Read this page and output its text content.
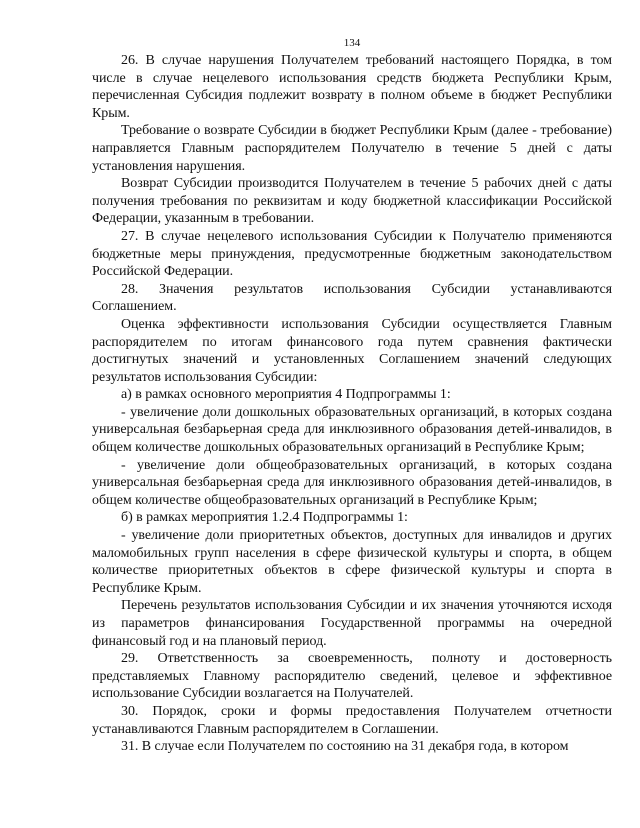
134

26. В случае нарушения Получателем требований настоящего Порядка, в том числе в случае нецелевого использования средств бюджета Республики Крым, перечисленная Субсидия подлежит возврату в полном объеме в бюджет Республики Крым.

Требование о возврате Субсидии в бюджет Республики Крым (далее - требование) направляется Главным распорядителем Получателю в течение 5 дней с даты установления нарушения.

Возврат Субсидии производится Получателем в течение 5 рабочих дней с даты получения требования по реквизитам и коду бюджетной классификации Российской Федерации, указанным в требовании.

27. В случае нецелевого использования Субсидии к Получателю применяются бюджетные меры принуждения, предусмотренные бюджетным законодательством Российской Федерации.

28. Значения результатов использования Субсидии устанавливаются Соглашением.

Оценка эффективности использования Субсидии осуществляется Главным распорядителем по итогам финансового года путем сравнения фактически достигнутых значений и установленных Соглашением значений следующих результатов использования Субсидии:

а) в рамках основного мероприятия 4 Подпрограммы 1:

- увеличение доли дошкольных образовательных организаций, в которых создана универсальная безбарьерная среда для инклюзивного образования детей-инвалидов, в общем количестве дошкольных образовательных организаций в Республике Крым;

- увеличение доли общеобразовательных организаций, в которых создана универсальная безбарьерная среда для инклюзивного образования детей-инвалидов, в общем количестве общеобразовательных организаций в Республике Крым;

б) в рамках мероприятия 1.2.4 Подпрограммы 1:

- увеличение доли приоритетных объектов, доступных для инвалидов и других маломобильных групп населения в сфере физической культуры и спорта, в общем количестве приоритетных объектов в сфере физической культуры и спорта в Республике Крым.

Перечень результатов использования Субсидии и их значения уточняются исходя из параметров финансирования Государственной программы на очередной финансовый год и на плановый период.

29. Ответственность за своевременность, полноту и достоверность представляемых Главному распорядителю сведений, целевое и эффективное использование Субсидии возлагается на Получателей.

30. Порядок, сроки и формы предоставления Получателем отчетности устанавливаются Главным распорядителем в Соглашении.

31. В случае если Получателем по состоянию на 31 декабря года, в котором
